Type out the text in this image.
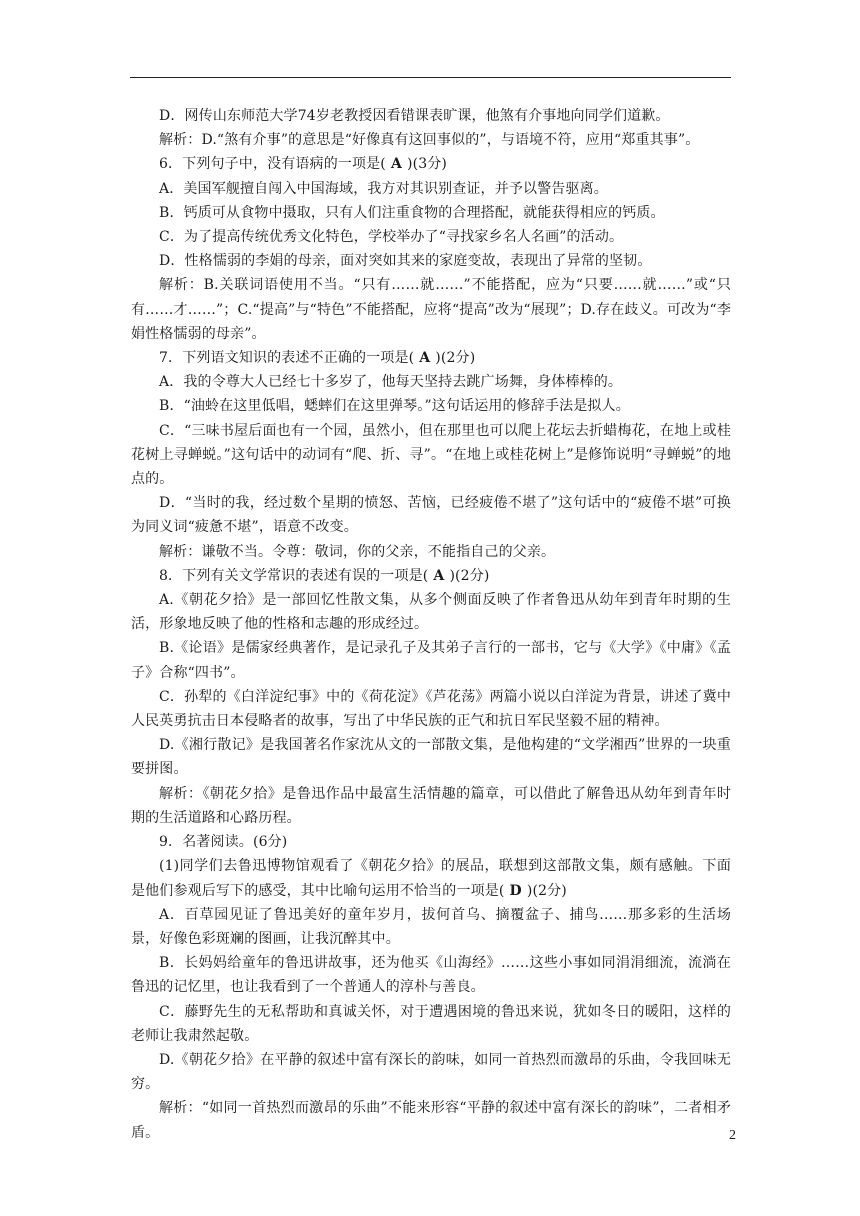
D．网传山东师范大学74岁老教授因看错课表旷课，他煞有介事地向同学们道歉。

解析：D.“煞有介事”的意思是“好像真有这回事似的”，与语境不符，应用“郑重其事”。

6．下列句子中，没有语病的一项是( A )(3分)

A．美国军舰擅自闯入中国海域，我方对其识别查证，并予以警告驱离。

B．钙质可从食物中摄取，只有人们注重食物的合理搭配，就能获得相应的钙质。

C．为了提高传统优秀文化特色，学校举办了“寻找家乡名人名画”的活动。

D．性格懦弱的李娟的母亲，面对突如其来的家庭变故，表现出了异常的坚韧。

解析：B.关联词语使用不当。“只有……就……”不能搭配，应为“只要……就……”或“只有……才……”；C.“提高”与“特色”不能搭配，应将“提高”改为“展现”；D.存在歧义。可改为“李娟性格懦弱的母亲”。

7．下列语文知识的表述不正确的一项是( A )(2分)

A．我的令尊大人已经七十多岁了，他每天坚持去跳广场舞，身体棒棒的。

B．“油蛉在这里低唱，蟋蟀们在这里弹琴。”这句话运用的修辞手法是拟人。

C．“三味书屋后面也有一个园，虽然小，但在那里也可以爬上花坛去折蜡梅花，在地上或桂花树上寻蝉蜕。”这句话中的动词有“爬、折、寻”。“在地上或桂花树上”是修饰说明“寻蝉蜕”的地点的。

D．“当时的我，经过数个星期的愤怒、苦恼，已经疲倦不堪了”这句话中的“疲倦不堪”可换为同义词“疲惫不堪”，语意不改变。

解析：谦敬不当。令尊：敬词，你的父亲，不能指自己的父亲。

8．下列有关文学常识的表述有误的一项是( A )(2分)

A.《朝花夕拾》是一部回忆性散文集，从多个侧面反映了作者鲁迅从幼年到青年时期的生活，形象地反映了他的性格和志趣的形成经过。

B.《论语》是儒家经典著作，是记录孔子及其弟子言行的一部书，它与《大学》《中庸》《孟子》合称“四书”。

C．孙犁的《白洋淀纪事》中的《荷花淀》《芦花荡》两篇小说以白洋淀为背景，讲述了冀中人民英勇抗击日本侵略者的故事，写出了中华民族的正气和抗日军民坚毅不屈的精神。

D.《湘行散记》是我国著名作家沈从文的一部散文集，是他构建的“文学湘西”世界的一块重要拼图。

解析：《朝花夕拾》是鲁迅作品中最富生活情趣的篇章，可以借此了解鲁迅从幼年到青年时期的生活道路和心路历程。

9．名著阅读。(6分)

(1)同学们去鲁迅博物馆观看了《朝花夕拾》的展品，联想到这部散文集，颇有感触。下面是他们参观后写下的感受，其中比喻句运用不恰当的一项是( D )(2分)

A．百草园见证了鲁迅美好的童年岁月，拔何首乌、摘覆盆子、捕鸟……那多彩的生活场景，好像色彩斑斓的图画，让我沉醉其中。

B．长妈妈给童年的鲁迅讲故事，还为他买《山海经》……这些小事如同涓涓细流，流淌在鲁迅的记忆里，也让我看到了一个普通人的淳朴与善良。

C．藤野先生的无私帮助和真诚关怀，对于遭遇困境的鲁迅来说，犹如冬日的暖阳，这样的老师让我肃然起敬。

D.《朝花夕拾》在平静的叙述中富有深长的韵味，如同一首热烈而激昂的乐曲，令我回味无穷。

解析：“如同一首热烈而激昂的乐曲”不能来形容“平静的叙述中富有深长的韵味”，二者相矛盾。	2
